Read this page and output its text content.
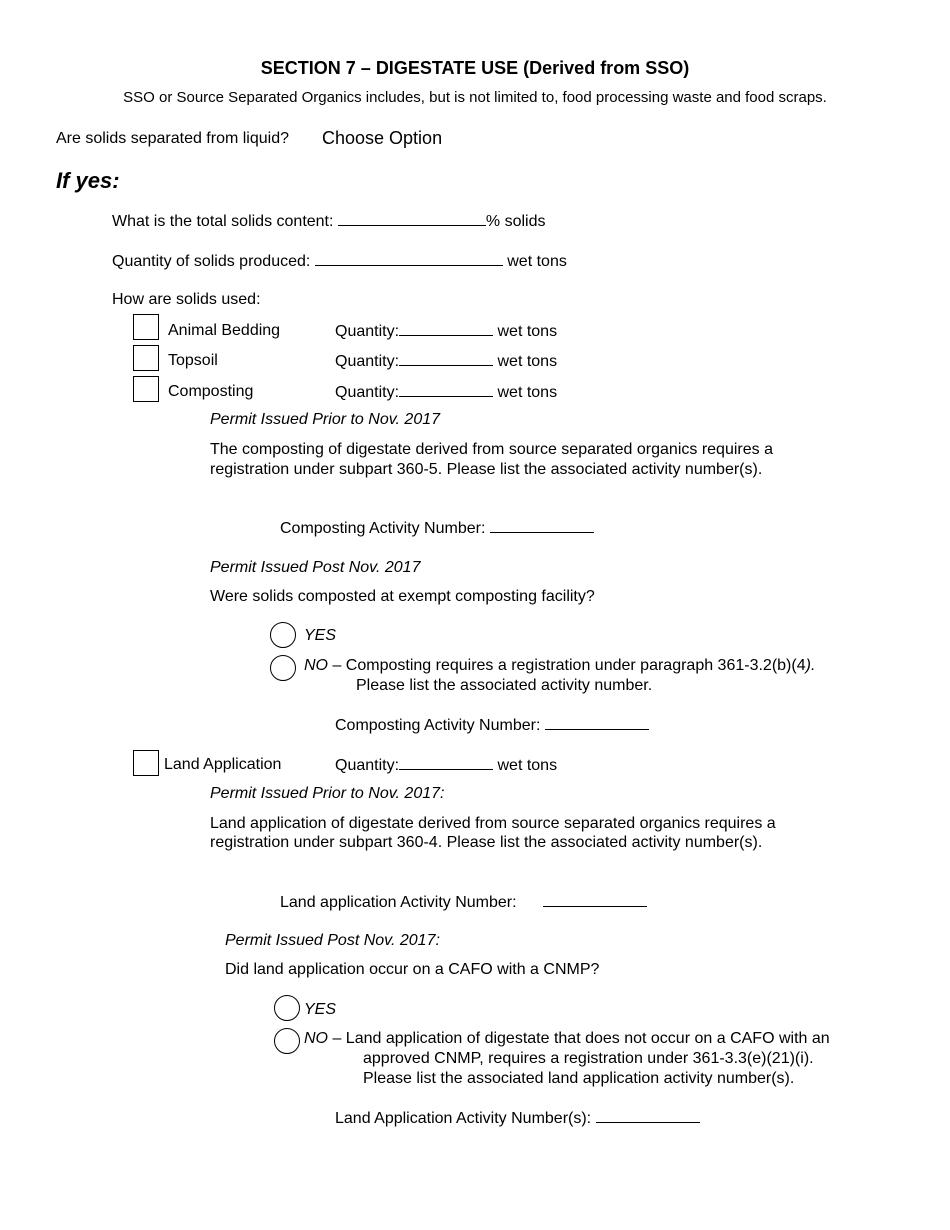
SECTION 7 – DIGESTATE USE (Derived from SSO)
SSO or Source Separated Organics includes, but is not limited to, food processing waste and food scraps.
Are solids separated from liquid? Choose Option
If yes:
What is the total solids content:	% solids
Quantity of solids produced:	wet tons
How are solids used:
Animal Bedding	Quantity:	wet tons
Topsoil	Quantity:	wet tons
Composting	Quantity:	wet tons
Permit Issued Prior to Nov. 2017
The composting of digestate derived from source separated organics requires a
registration under subpart 360-5. Please list the associated activity number(s).
Composting Activity Number:
Permit Issued Post Nov. 2017
Were solids composted at exempt composting facility?
YES
NO – Composting requires a registration under paragraph 361-3.2(b)(4).
Please list the associated activity number.
Composting Activity Number:
Land Application	Quantity:	wet tons
Permit Issued Prior to Nov. 2017:
Land application of digestate derived from source separated organics requires a
registration under subpart 360-4. Please list the associated activity number(s).
Land application Activity Number:
Permit Issued Post Nov. 2017:
Did land application occur on a CAFO with a CNMP?
YES
NO – Land application of digestate that does not occur on a CAFO with an
approved CNMP, requires a registration under 361-3.3(e)(21)(i).
Please list the associated land application activity number(s).
Land Application Activity Number(s):
